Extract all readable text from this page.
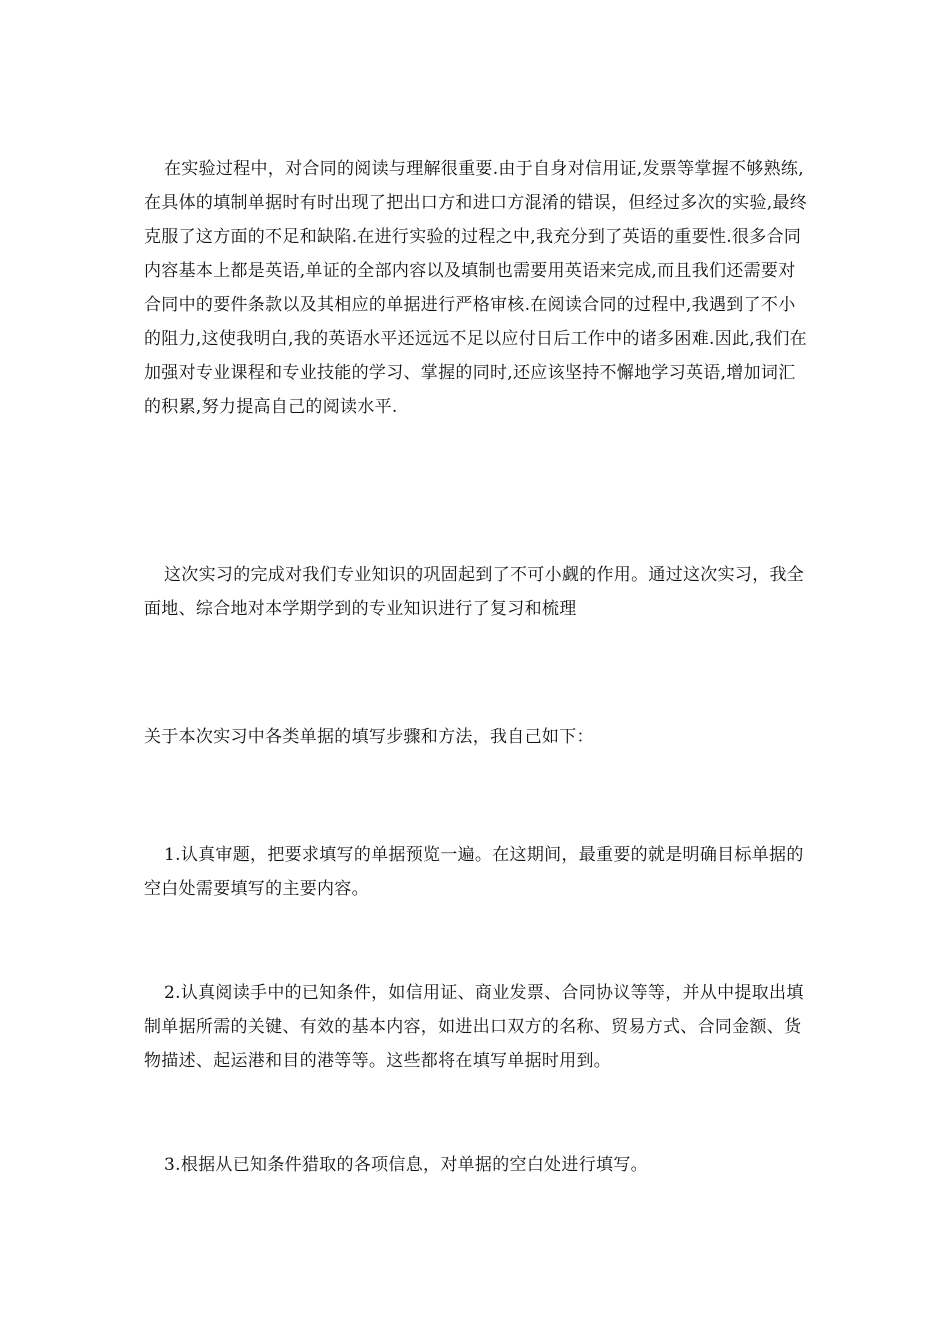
在实验过程中，对合同的阅读与理解很重要.由于自身对信用证,发票等掌握不够熟练,在具体的填制单据时有时出现了把出口方和进口方混淆的错误，但经过多次的实验,最终克服了这方面的不足和缺陷.在进行实验的过程之中,我充分到了英语的重要性.很多合同内容基本上都是英语,单证的全部内容以及填制也需要用英语来完成,而且我们还需要对合同中的要件条款以及其相应的单据进行严格审核.在阅读合同的过程中,我遇到了不小的阻力,这使我明白,我的英语水平还远远不足以应付日后工作中的诸多困难.因此,我们在加强对专业课程和专业技能的学习、掌握的同时,还应该坚持不懈地学习英语,增加词汇的积累,努力提高自己的阅读水平.

这次实习的完成对我们专业知识的巩固起到了不可小觑的作用。通过这次实习，我全面地、综合地对本学期学到的专业知识进行了复习和梳理

关于本次实习中各类单据的填写步骤和方法，我自己如下：

1.认真审题，把要求填写的单据预览一遍。在这期间，最重要的就是明确目标单据的空白处需要填写的主要内容。

2.认真阅读手中的已知条件，如信用证、商业发票、合同协议等等，并从中提取出填制单据所需的关键、有效的基本内容，如进出口双方的名称、贸易方式、合同金额、货物描述、起运港和目的港等等。这些都将在填写单据时用到。

3.根据从已知条件猎取的各项信息，对单据的空白处进行填写。
